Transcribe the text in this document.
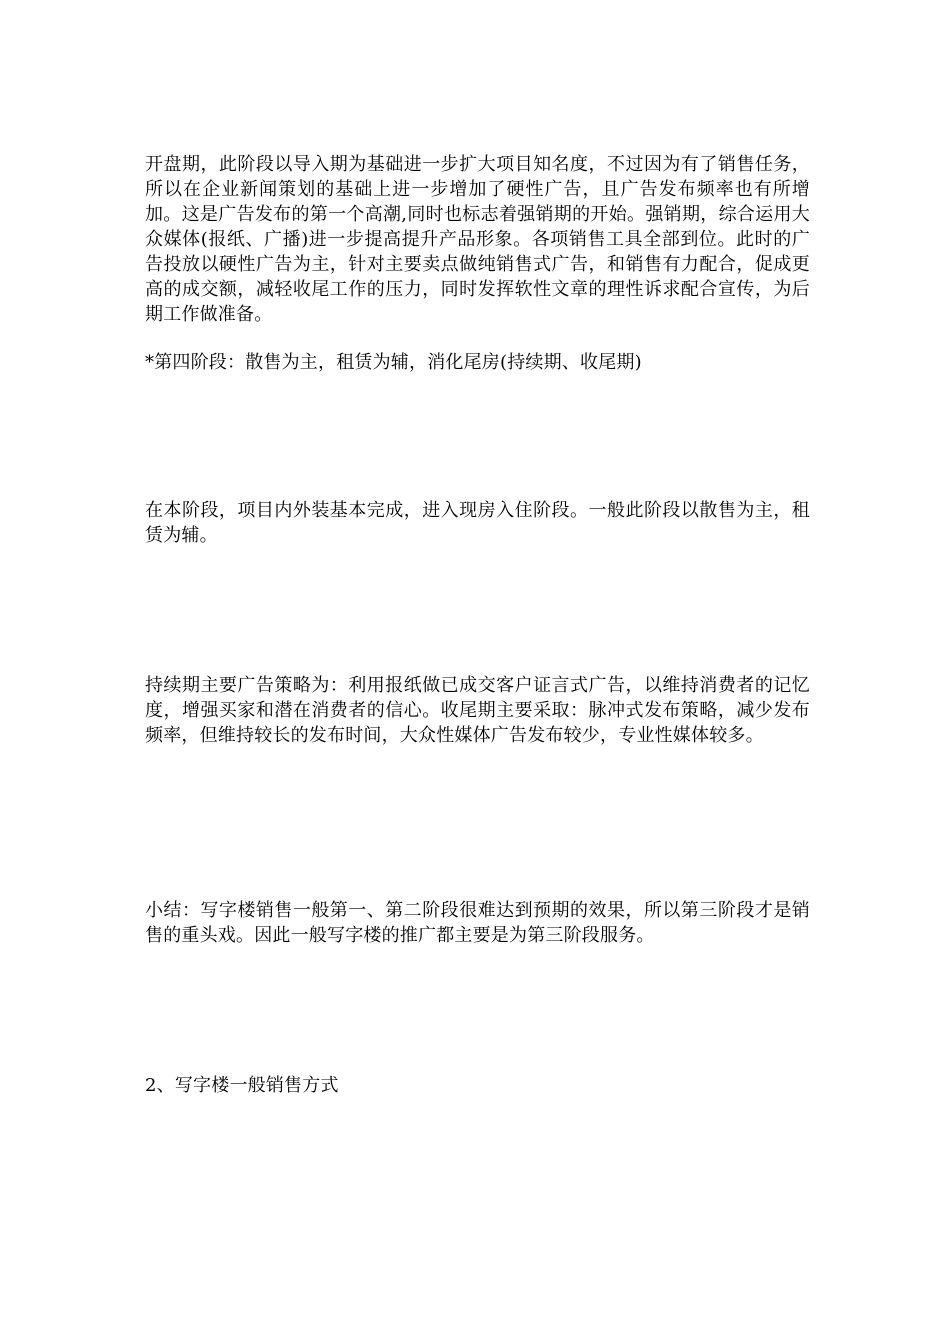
开盘期，此阶段以导入期为基础进一步扩大项目知名度，不过因为有了销售任务，所以在企业新闻策划的基础上进一步增加了硬性广告，且广告发布频率也有所增加。这是广告发布的第一个高潮,同时也标志着强销期的开始。强销期，综合运用大众媒体(报纸、广播)进一步提高提升产品形象。各项销售工具全部到位。此时的广告投放以硬性广告为主，针对主要卖点做纯销售式广告，和销售有力配合，促成更高的成交额，减轻收尾工作的压力，同时发挥软性文章的理性诉求配合宣传，为后期工作做准备。

*第四阶段：散售为主，租赁为辅，消化尾房(持续期、收尾期)

在本阶段，项目内外装基本完成，进入现房入住阶段。一般此阶段以散售为主，租赁为辅。

持续期主要广告策略为：利用报纸做已成交客户证言式广告，以维持消费者的记忆度，增强买家和潜在消费者的信心。收尾期主要采取：脉冲式发布策略，减少发布频率，但维持较长的发布时间，大众性媒体广告发布较少，专业性媒体较多。

小结：写字楼销售一般第一、第二阶段很难达到预期的效果，所以第三阶段才是销售的重头戏。因此一般写字楼的推广都主要是为第三阶段服务。

2、写字楼一般销售方式
